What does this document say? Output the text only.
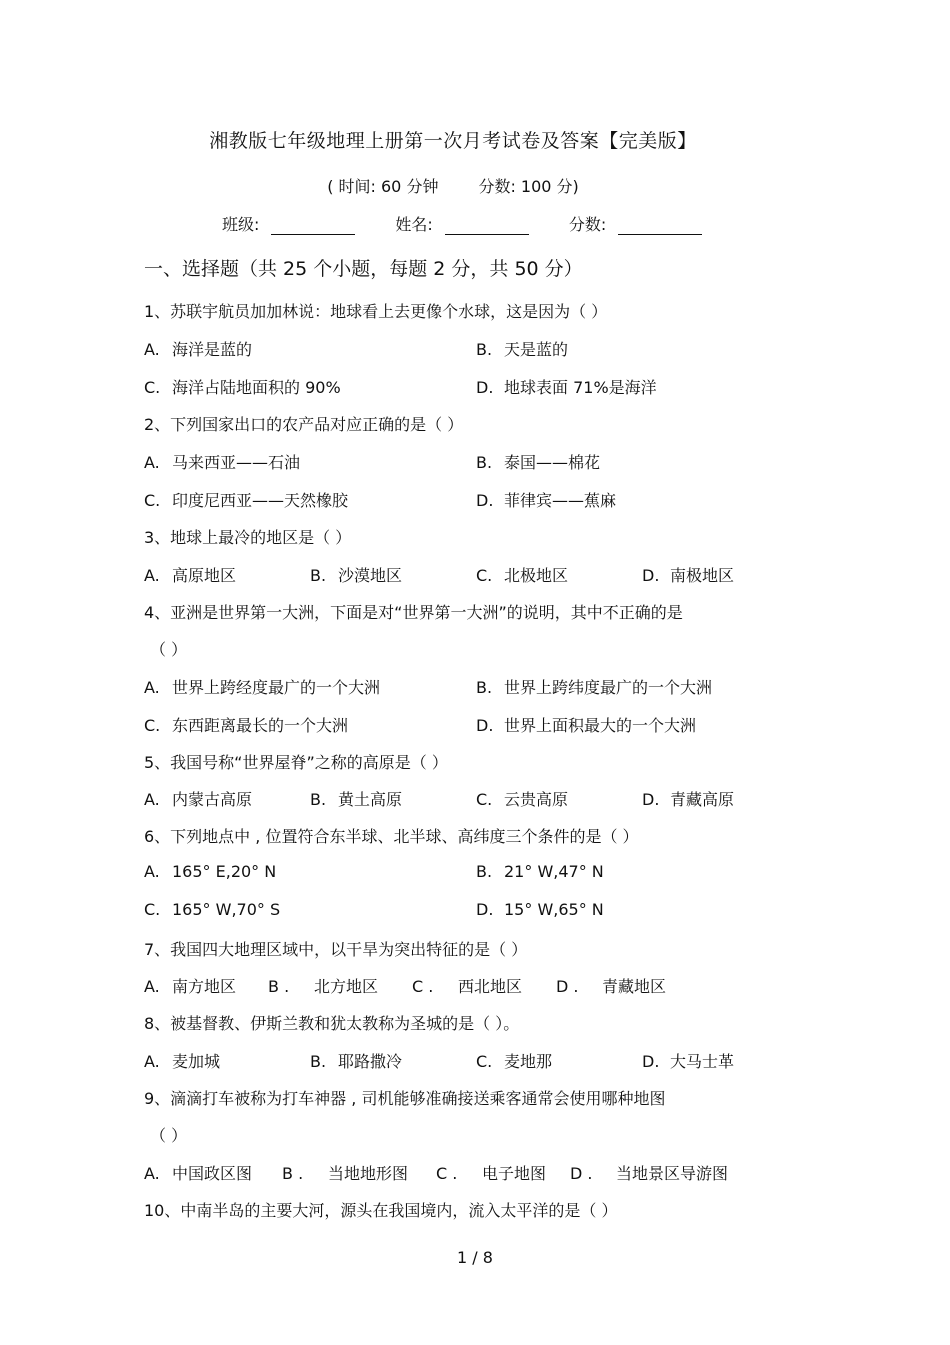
湘教版七年级地理上册第一次月考试卷及答案【完美版】
( 时间: 60 分钟	分数: 100 分)
班级:	姓名:	分数:
一、选择题（共 25 个小题，每题 2 分，共 50 分）
1、苏联宇航员加加林说：地球看上去更像个水球，这是因为（ ）
A. 海洋是蓝的	B. 天是蓝的
C. 海洋占陆地面积的 90%	D. 地球表面 71%是海洋
2、下列国家出口的农产品对应正确的是（ ）
A. 马来西亚——石油	B. 泰国——棉花
C. 印度尼西亚——天然橡胶	D. 菲律宾——蕉麻
3、地球上最冷的地区是（ ）
A. 高原地区	B. 沙漠地区	C. 北极地区	D. 南极地区
4、亚洲是世界第一大洲，下面是对“世界第一大洲”的说明，其中不正确的是
（ ）
A. 世界上跨经度最广的一个大洲	B. 世界上跨纬度最广的一个大洲
C. 东西距离最长的一个大洲	D. 世界上面积最大的一个大洲
5、我国号称“世界屋脊”之称的高原是（ ）
A. 内蒙古高原	B. 黄土高原	C. 云贵高原	D. 青藏高原
6、下列地点中 , 位置符合东半球、北半球、高纬度三个条件的是（ ）
A. 165° E,20° N	B. 21° W,47° N
C. 165° W,70° S	D. 15° W,65° N
7、我国四大地理区域中，以干旱为突出特征的是（ ）
A. 南方地区 B . 北方地区 C . 西北地区 D . 青藏地区
8、被基督教、伊斯兰教和犹太教称为圣城的是（ ）。
A. 麦加城	B. 耶路撒冷	C. 麦地那	D. 大马士革
9、滴滴打车被称为打车神器 , 司机能够准确接送乘客通常会使用哪种地图
（ ）
A. 中国政区图 B . 当地地形图 C . 电子地图 D . 当地景区导游图
10、中南半岛的主要大河，源头在我国境内，流入太平洋的是（ ）
1 / 8
